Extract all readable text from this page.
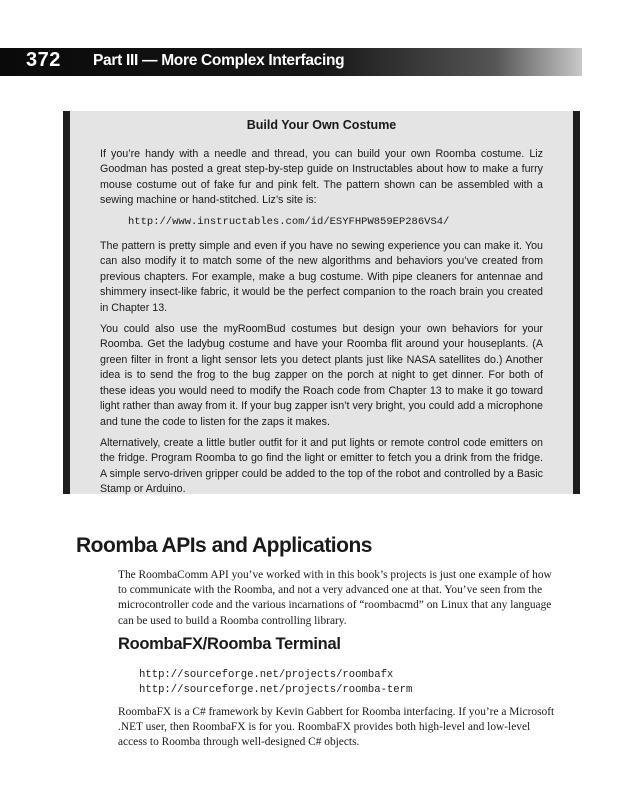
372 Part III — More Complex Interfacing
Build Your Own Costume

If you’re handy with a needle and thread, you can build your own Roomba costume. Liz Goodman has posted a great step-by-step guide on Instructables about how to make a furry mouse costume out of fake fur and pink felt. The pattern shown can be assembled with a sewing machine or hand-stitched. Liz’s site is:

http://www.instructables.com/id/ESYFHPW859EP286VS4/

The pattern is pretty simple and even if you have no sewing experience you can make it. You can also modify it to match some of the new algorithms and behaviors you’ve created from previous chapters. For example, make a bug costume. With pipe cleaners for antennae and shimmery insect-like fabric, it would be the perfect companion to the roach brain you created in Chapter 13.

You could also use the myRoomBud costumes but design your own behaviors for your Roomba. Get the ladybug costume and have your Roomba flit around your houseplants. (A green filter in front a light sensor lets you detect plants just like NASA satellites do.) Another idea is to send the frog to the bug zapper on the porch at night to get dinner. For both of these ideas you would need to modify the Roach code from Chapter 13 to make it go toward light rather than away from it. If your bug zapper isn’t very bright, you could add a microphone and tune the code to listen for the zaps it makes.

Alternatively, create a little butler outfit for it and put lights or remote control code emitters on the fridge. Program Roomba to go find the light or emitter to fetch you a drink from the fridge. A simple servo-driven gripper could be added to the top of the robot and controlled by a Basic Stamp or Arduino.

Roomba APIs and Applications
The RoombaComm API you’ve worked with in this book’s projects is just one example of how to communicate with the Roomba, and not a very advanced one at that. You’ve seen from the microcontroller code and the various incarnations of “roombacmd” on Linux that any language can be used to build a Roomba controlling library.
RoombaFX/Roomba Terminal
http://sourceforge.net/projects/roombafx
http://sourceforge.net/projects/roomba-term
RoombaFX is a C# framework by Kevin Gabbert for Roomba interfacing. If you’re a Microsoft .NET user, then RoombaFX is for you. RoombaFX provides both high-level and low-level access to Roomba through well-designed C# objects.
